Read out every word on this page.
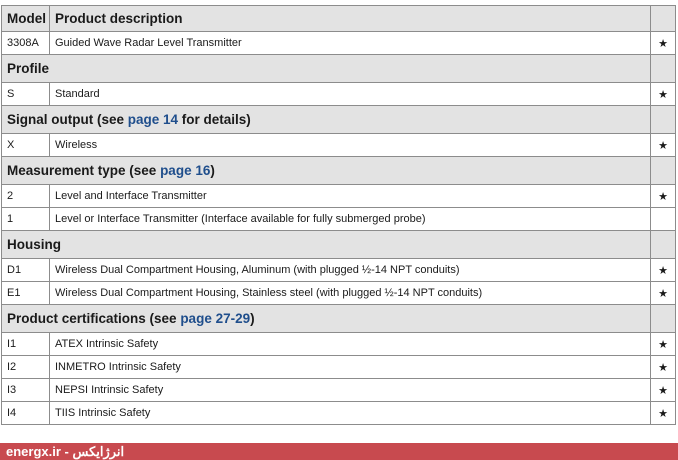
Model	Product description	
3308A	Guided Wave Radar Level Transmitter	★
Profile		
S	Standard	★
Signal output (see page 14 for details)		
X	Wireless	★
Measurement type (see page 16)		
2	Level and Interface Transmitter	★
1	Level or Interface Transmitter (Interface available for fully submerged probe)	
Housing		
D1	Wireless Dual Compartment Housing, Aluminum (with plugged ½-14 NPT conduits)	★
E1	Wireless Dual Compartment Housing, Stainless steel (with plugged ½-14 NPT conduits)	★
Product certifications (see page 27-29)		
I1	ATEX Intrinsic Safety	★
I2	INMETRO Intrinsic Safety	★
I3	NEPSI Intrinsic Safety	★
I4	TIIS Intrinsic Safety	★
energx.ir - انرژایکس
